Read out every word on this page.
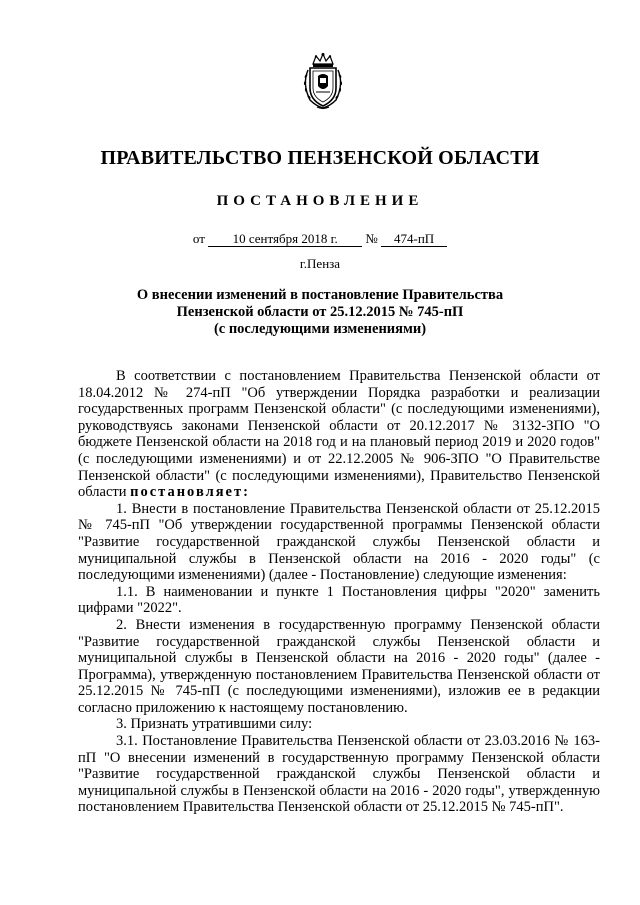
ПРАВИТЕЛЬСТВО ПЕНЗЕНСКОЙ ОБЛАСТИ
ПОСТАНОВЛЕНИЕ
от 10 сентября 2018 г. № 474-пП
г.Пенза
О внесении изменений в постановление Правительства
Пензенской области от 25.12.2015 № 745-пП
(с последующими изменениями)

В соответствии с постановлением Правительства Пензенской области от 18.04.2012 № 274-пП "Об утверждении Порядка разработки и реализации государственных программ Пензенской области" (с последующими изменениями), руководствуясь законами Пензенской области от 20.12.2017 № 3132-ЗПО "О бюджете Пензенской области на 2018 год и на плановый период 2019 и 2020 годов" (с последующими изменениями) и от 22.12.2005 № 906-ЗПО "О Правительстве Пензенской области" (с последующими изменениями), Правительство Пензенской области постановляет:

1. Внести в постановление Правительства Пензенской области от 25.12.2015 № 745-пП "Об утверждении государственной программы Пензенской области "Развитие государственной гражданской службы Пензенской области и муниципальной службы в Пензенской области на 2016 - 2020 годы" (с последующими изменениями) (далее - Постановление) следующие изменения:

1.1. В наименовании и пункте 1 Постановления цифры "2020" заменить цифрами "2022".

2. Внести изменения в государственную программу Пензенской области "Развитие государственной гражданской службы Пензенской области и муниципальной службы в Пензенской области на 2016 - 2020 годы" (далее - Программа), утвержденную постановлением Правительства Пензенской области от 25.12.2015 № 745-пП (с последующими изменениями), изложив ее в редакции согласно приложению к настоящему постановлению.

3. Признать утратившими силу:

3.1. Постановление Правительства Пензенской области от 23.03.2016 № 163-пП "О внесении изменений в государственную программу Пензенской области "Развитие государственной гражданской службы Пензенской области и муниципальной службы в Пензенской области на 2016 - 2020 годы", утвержденную постановлением Правительства Пензенской области от 25.12.2015 № 745-пП".
